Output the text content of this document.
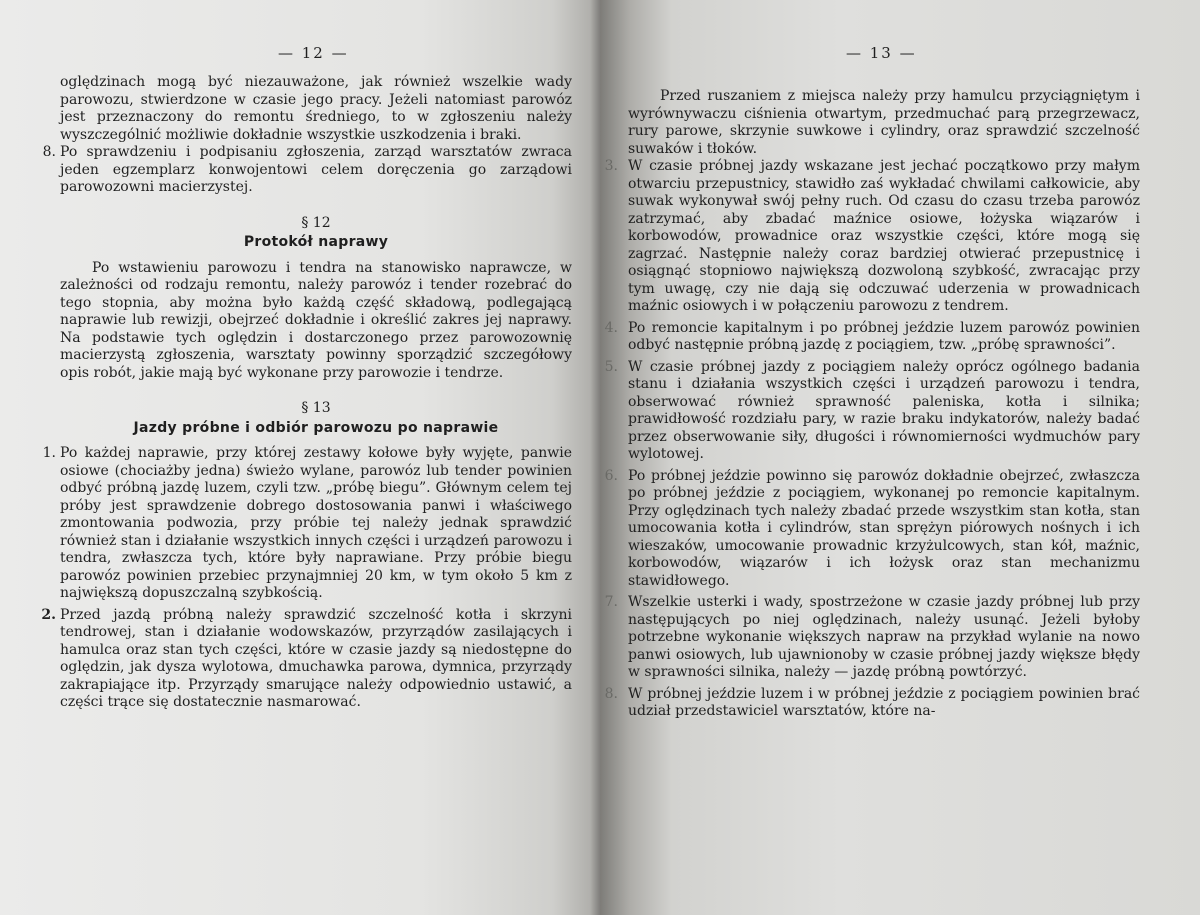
— 12 —

oględzinach mogą być niezauważone, jak również wszelkie wady parowozu, stwierdzone w czasie jego pracy. Jeżeli natomiast parowóz jest przeznaczony do remontu średniego, to w zgłoszeniu należy wyszczególnić możliwie dokładnie wszystkie uszkodzenia i braki.

8. Po sprawdzeniu i podpisaniu zgłoszenia, zarząd warsztatów zwraca jeden egzemplarz konwojentowi celem doręczenia go zarządowi parowozowni macierzystej.

§ 12
Protokół naprawy

Po wstawieniu parowozu i tendra na stanowisko naprawcze, w zależności od rodzaju remontu, należy parowóz i tender rozebrać do tego stopnia, aby można było każdą część składową, podlegającą naprawie lub rewizji, obejrzeć dokładnie i określić zakres jej naprawy. Na podstawie tych oględzin i dostarczonego przez parowozownię macierzystą zgłoszenia, warsztaty powinny sporządzić szczegółowy opis robót, jakie mają być wykonane przy parowozie i tendrze.

§ 13
Jazdy próbne i odbiór parowozu po naprawie

1. Po każdej naprawie, przy której zestawy kołowe były wyjęte, panwie osiowe (chociażby jedna) świeżo wylane, parowóz lub tender powinien odbyć próbną jazdę luzem, czyli tzw. „próbę biegu”. Głównym celem tej próby jest sprawdzenie dobrego dostosowania panwi i właściwego zmontowania podwozia, przy próbie tej należy jednak sprawdzić również stan i działanie wszystkich innych części i urządzeń parowozu i tendra, zwłaszcza tych, które były naprawiane. Przy próbie biegu parowóz powinien przebiec przynajmniej 20 km, w tym około 5 km z największą dopuszczalną szybkością.

2. Przed jazdą próbną należy sprawdzić szczelność kotła i skrzyni tendrowej, stan i działanie wodowskazów, przyrządów zasilających i hamulca oraz stan tych części, które w czasie jazdy są niedostępne do oględzin, jak dysza wylotowa, dmuchawka parowa, dymnica, przyrządy zakrapiające itp. Przyrządy smarujące należy odpowiednio ustawić, a części trące się dostatecznie nasmarować.

— 13 —

Przed ruszaniem z miejsca należy przy hamulcu przyciągniętym i wyrównywaczu ciśnienia otwartym, przedmuchać parą przegrzewacz, rury parowe, skrzynie suwkowe i cylindry, oraz sprawdzić szczelność suwaków i tłoków.

3. W czasie próbnej jazdy wskazane jest jechać początkowo przy małym otwarciu przepustnicy, stawidło zaś wykładać chwilami całkowicie, aby suwak wykonywał swój pełny ruch. Od czasu do czasu trzeba parowóz zatrzymać, aby zbadać maźnice osiowe, łożyska wiązarów i korbowodów, prowadnice oraz wszystkie części, które mogą się zagrzać. Następnie należy coraz bardziej otwierać przepustnicę i osiągnąć stopniowo największą dozwoloną szybkość, zwracając przy tym uwagę, czy nie dają się odczuwać uderzenia w prowadnicach maźnic osiowych i w połączeniu parowozu z tendrem.

4. Po remoncie kapitalnym i po próbnej jeździe luzem parowóz powinien odbyć następnie próbną jazdę z pociągiem, tzw. „próbę sprawności”.

5. W czasie próbnej jazdy z pociągiem należy oprócz ogólnego badania stanu i działania wszystkich części i urządzeń parowozu i tendra, obserwować również sprawność paleniska, kotła i silnika; prawidłowość rozdziału pary, w razie braku indykatorów, należy badać przez obserwowanie siły, długości i równomierności wydmuchów pary wylotowej.

6. Po próbnej jeździe powinno się parowóz dokładnie obejrzeć, zwłaszcza po próbnej jeździe z pociągiem, wykonanej po remoncie kapitalnym. Przy oględzinach tych należy zbadać przede wszystkim stan kotła, stan umocowania kotła i cylindrów, stan sprężyn piórowych nośnych i ich wieszaków, umocowanie prowadnic krzyżulcowych, stan kół, maźnic, korbowodów, wiązarów i ich łożysk oraz stan mechanizmu stawidłowego.

7. Wszelkie usterki i wady, spostrzeżone w czasie jazdy próbnej lub przy następujących po niej oględzinach, należy usunąć. Jeżeli byłoby potrzebne wykonanie większych napraw na przykład wylanie na nowo panwi osiowych, lub ujawnionoby w czasie próbnej jazdy większe błędy w sprawności silnika, należy — jazdę próbną powtórzyć.

8. W próbnej jeździe luzem i w próbnej jeździe z pociągiem powinien brać udział przedstawiciel warsztatów, które na-
